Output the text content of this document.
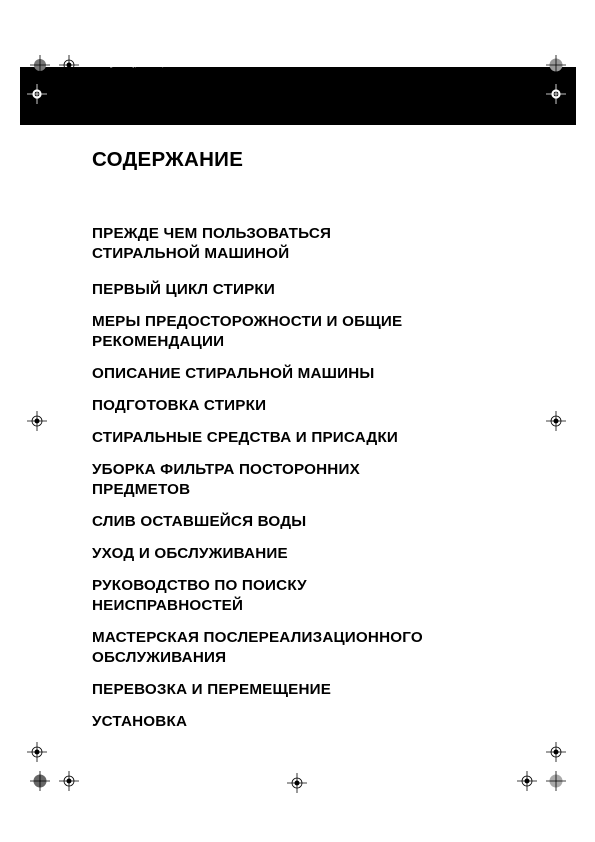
4619 714 ... Page 1 Friday, October 17, 2003 12:07 PM
СОДЕРЖАНИЕ
ПРЕЖДЕ ЧЕМ ПОЛЬЗОВАТЬСЯ
СТИРАЛЬНОЙ МАШИНОЙ
ПЕРВЫЙ ЦИКЛ СТИРКИ
МЕРЫ ПРЕДОСТОРОЖНОСТИ И ОБЩИЕ
РЕКОМЕНДАЦИИ
ОПИСАНИЕ СТИРАЛЬНОЙ МАШИНЫ
ПОДГОТОВКА СТИРКИ
СТИРАЛЬНЫЕ СРЕДСТВА И ПРИСАДКИ
УБОРКА ФИЛЬТРА ПОСТОРОННИХ
ПРЕДМЕТОВ
СЛИВ ОСТАВШЕЙСЯ ВОДЫ
УХОД И ОБСЛУЖИВАНИЕ
РУКОВОДСТВО ПО ПОИСКУ
НЕИСПРАВНОСТЕЙ
МАСТЕРСКАЯ ПОСЛЕРЕАЛИЗАЦИОННОГО
ОБСЛУЖИВАНИЯ
ПЕРЕВОЗКА И ПЕРЕМЕЩЕНИЕ
УСТАНОВКА
